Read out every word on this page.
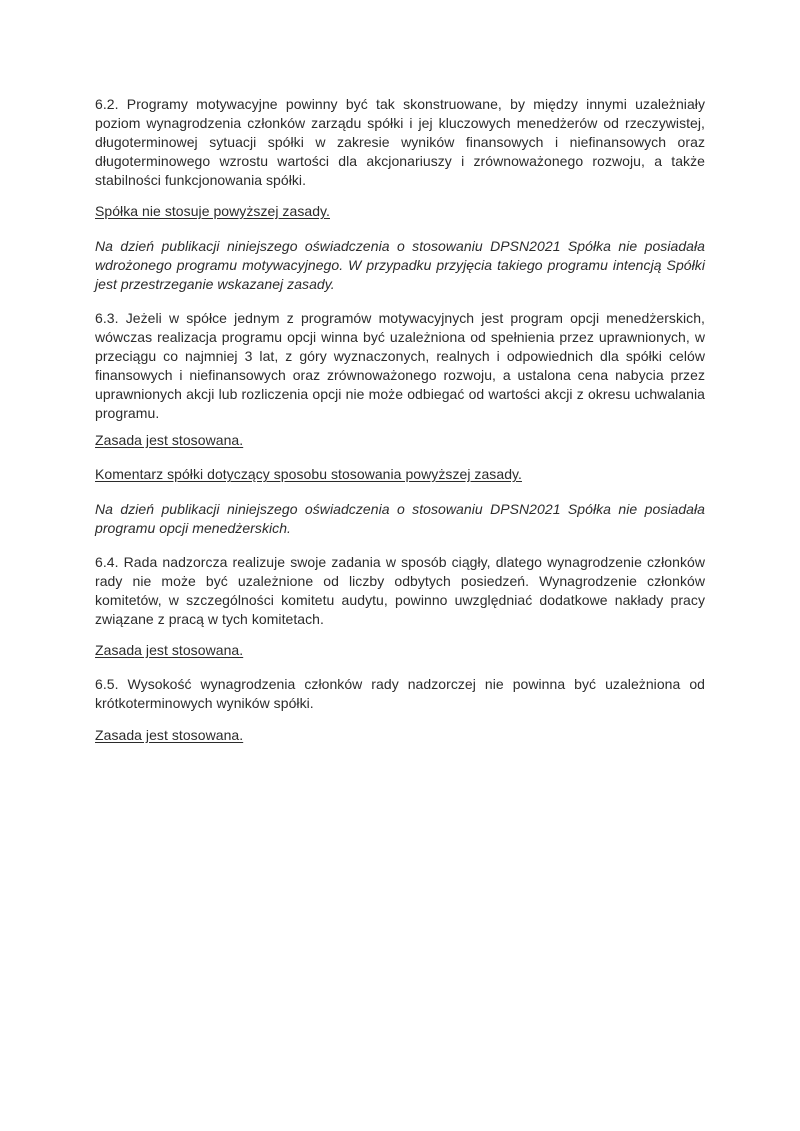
6.2. Programy motywacyjne powinny być tak skonstruowane, by między innymi uzależniały poziom wynagrodzenia członków zarządu spółki i jej kluczowych menedżerów od rzeczywistej, długoterminowej sytuacji spółki w zakresie wyników finansowych i niefinansowych oraz długoterminowego wzrostu wartości dla akcjonariuszy i zrównoważonego rozwoju, a także stabilności funkcjonowania spółki.

Spółka nie stosuje powyższej zasady.

Na dzień publikacji niniejszego oświadczenia o stosowaniu DPSN2021 Spółka nie posiadała wdrożonego programu motywacyjnego. W przypadku przyjęcia takiego programu intencją Spółki jest przestrzeganie wskazanej zasady.

6.3. Jeżeli w spółce jednym z programów motywacyjnych jest program opcji menedżerskich, wówczas realizacja programu opcji winna być uzależniona od spełnienia przez uprawnionych, w przeciągu co najmniej 3 lat, z góry wyznaczonych, realnych i odpowiednich dla spółki celów finansowych i niefinansowych oraz zrównoważonego rozwoju, a ustalona cena nabycia przez uprawnionych akcji lub rozliczenia opcji nie może odbiegać od wartości akcji z okresu uchwalania programu.

Zasada jest stosowana.

Komentarz spółki dotyczący sposobu stosowania powyższej zasady.

Na dzień publikacji niniejszego oświadczenia o stosowaniu DPSN2021 Spółka nie posiadała programu opcji menedżerskich.

6.4. Rada nadzorcza realizuje swoje zadania w sposób ciągły, dlatego wynagrodzenie członków rady nie może być uzależnione od liczby odbytych posiedzeń. Wynagrodzenie członków komitetów, w szczególności komitetu audytu, powinno uwzględniać dodatkowe nakłady pracy związane z pracą w tych komitetach.

Zasada jest stosowana.

6.5. Wysokość wynagrodzenia członków rady nadzorczej nie powinna być uzależniona od krótkoterminowych wyników spółki.

Zasada jest stosowana.
